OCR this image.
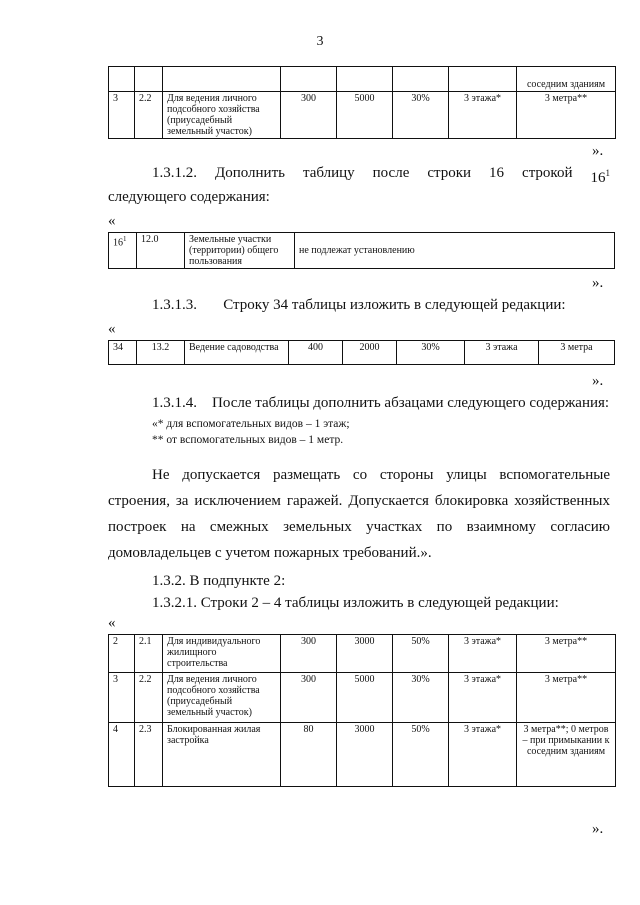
3
							соседним зданиям
3	2.2	Для ведения личного подсобного хозяйства (приусадебный земельный участок)	300	5000	30%	3 этажа*	3 метра**
».
1.3.1.2. Дополнить таблицу после строки 16 строкой $16^1$
следующего содержания:
«
$16^1$	12.0	Земельные участки (территории) общего пользования	не подлежат установлению
».
1.3.1.3.       Строку 34 таблицы изложить в следующей редакции:
«
34	13.2	Ведение садоводства	400	2000	30%	3 этажа	3 метра
».
1.3.1.4.    После таблицы дополнить абзацами следующего содержания:
«* для вспомогательных видов – 1 этаж;
** от вспомогательных видов – 1 метр.
Не допускается размещать со стороны улицы вспомогательные
строения, за исключением гаражей. Допускается блокировка хозяйственных
построек на смежных земельных участках по взаимному согласию
домовладельцев с учетом пожарных требований.».
1.3.2. В подпункте 2:
1.3.2.1. Строки 2 – 4 таблицы изложить в следующей редакции:
«
2	2.1	Для индивидуального жилищного строительства	300	3000	50%	3 этажа*	3 метра**
3	2.2	Для ведения личного подсобного хозяйства (приусадебный земельный участок)	300	5000	30%	3 этажа*	3 метра**
4	2.3	Блокированная жилая застройка	80	3000	50%	3 этажа*	3 метра**; 0 метров – при примыкании к соседним зданиям
».
